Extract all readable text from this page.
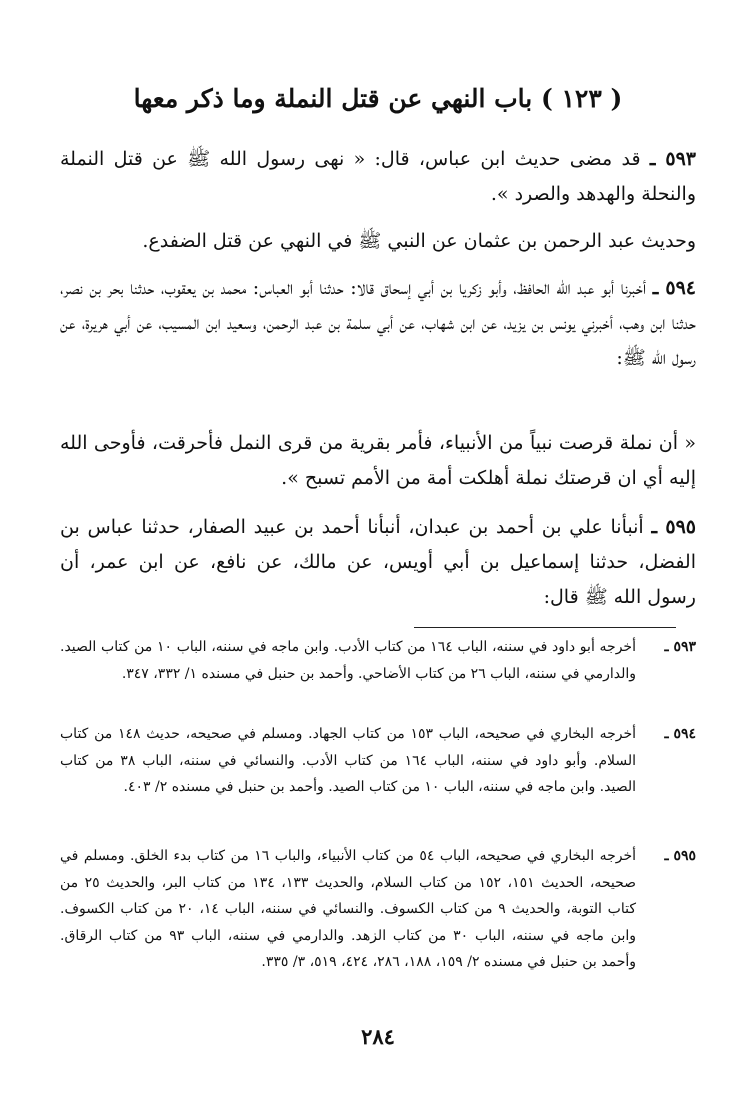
( ١٢٣ ) باب النهي عن قتل النملة وما ذكر معها
٥٩٣ ـ قد مضى حديث ابن عباس، قال: « نهى رسول الله ﷺ عن قتل النملة والنحلة والهدهد والصرد ».
وحديث عبد الرحمن بن عثمان عن النبي ﷺ في النهي عن قتل الضفدع.
٥٩٤ ـ أخبرنا أبو عبد الله الحافظ، وأبو زكريا بن أبي إسحاق قالا: حدثنا أبو العباس: محمد بن يعقوب، حدثنا بحر بن نصر، حدثنا ابن وهب، أخبرني يونس بن يزيد، عن ابن شهاب، عن أبي سلمة بن عبد الرحمن، وسعيد ابن المسيب، عن أبي هريرة، عن رسول الله ﷺ:
« أن نملة قرصت نبياً من الأنبياء، فأمر بقرية من قرى النمل فأحرقت، فأوحى الله إليه أي ان قرصتك نملة أهلكت أمة من الأمم تسبح ».
٥٩٥ ـ أنبأنا علي بن أحمد بن عبدان، أنبأنا أحمد بن عبيد الصفار، حدثنا عباس بن الفضل، حدثنا إسماعيل بن أبي أويس، عن مالك، عن نافع، عن ابن عمر، أن رسول الله ﷺ قال:
٥٩٣ ـ
أخرجه أبو داود في سننه، الباب ١٦٤ من كتاب الأدب. وابن ماجه في سننه، الباب ١٠ من كتاب الصيد. والدارمي في سننه، الباب ٢٦ من كتاب الأضاحي. وأحمد بن حنبل في مسنده ١/ ٣٣٢، ٣٤٧.
٥٩٤ ـ
أخرجه البخاري في صحيحه، الباب ١٥٣ من كتاب الجهاد. ومسلم في صحيحه، حديث ١٤٨ من كتاب السلام. وأبو داود في سننه، الباب ١٦٤ من كتاب الأدب. والنسائي في سننه، الباب ٣٨ من كتاب الصيد. وابن ماجه في سننه، الباب ١٠ من كتاب الصيد. وأحمد بن حنبل في مسنده ٢/ ٤٠٣.
٥٩٥ ـ
أخرجه البخاري في صحيحه، الباب ٥٤ من كتاب الأنبياء، والباب ١٦ من كتاب بدء الخلق. ومسلم في صحيحه، الحديث ١٥١، ١٥٢ من كتاب السلام، والحديث ١٣٣، ١٣٤ من كتاب البر، والحديث ٢٥ من كتاب التوبة، والحديث ٩ من كتاب الكسوف. والنسائي في سننه، الباب ١٤، ٢٠ من كتاب الكسوف. وابن ماجه في سننه، الباب ٣٠ من كتاب الزهد. والدارمي في سننه، الباب ٩٣ من كتاب الرقاق. وأحمد بن حنبل في مسنده ٢/ ١٥٩، ١٨٨، ٢٨٦، ٤٢٤، ٥١٩، ٣/ ٣٣٥.
٢٨٤
